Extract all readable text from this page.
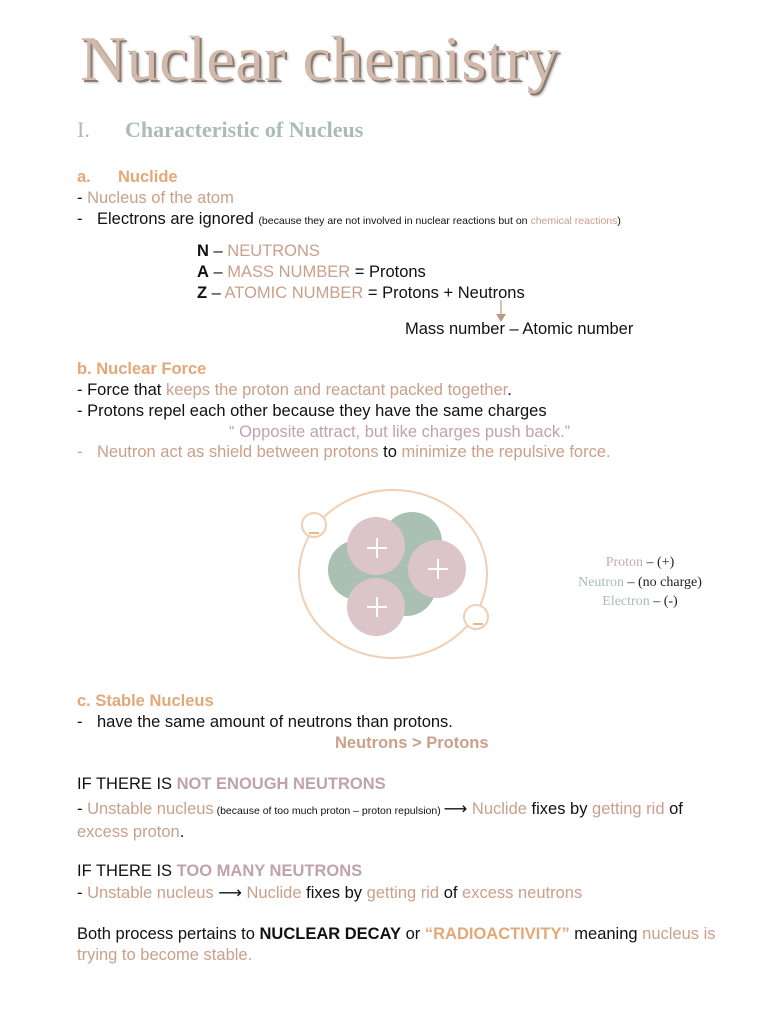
Nuclear chemistry
I. Characteristic of Nucleus
a. Nuclide
- Nucleus of the atom
- Electrons are ignored (because they are not involved in nuclear reactions but on chemical reactions)
N – NEUTRONS
A – MASS NUMBER = Protons
Z – ATOMIC NUMBER = Protons + Neutrons
Mass number – Atomic number
b. Nuclear Force
- Force that keeps the proton and reactant packed together.
- Protons repel each other because they have the same charges
“ Opposite attract, but like charges push back.”
- Neutron act as shield between protons to minimize the repulsive force.
Proton – (+)
Neutron – (no charge)
Electron – (-)
c. Stable Nucleus
- have the same amount of neutrons than protons.
Neutrons > Protons
IF THERE IS NOT ENOUGH NEUTRONS
- Unstable nucleus (because of too much proton – proton repulsion) ⟶ Nuclide fixes by getting rid of
excess proton.
IF THERE IS TOO MANY NEUTRONS
- Unstable nucleus ⟶ Nuclide fixes by getting rid of excess neutrons
Both process pertains to NUCLEAR DECAY or “RADIOACTIVITY” meaning nucleus is trying to become stable.
